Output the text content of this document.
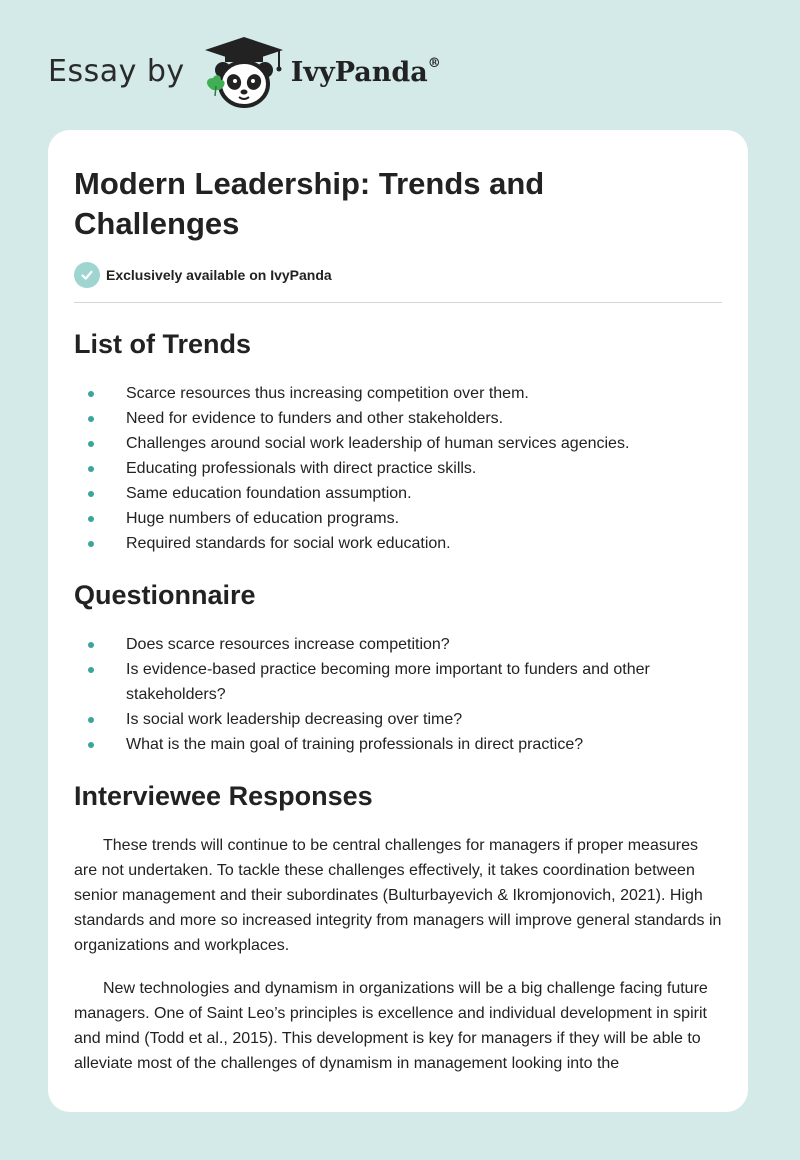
Essay by	IvyPanda®
Modern Leadership: Trends and Challenges
Exclusively available on IvyPanda
List of Trends
Scarce resources thus increasing competition over them.
Need for evidence to funders and other stakeholders.
Challenges around social work leadership of human services agencies.
Educating professionals with direct practice skills.
Same education foundation assumption.
Huge numbers of education programs.
Required standards for social work education.
Questionnaire
Does scarce resources increase competition?
Is evidence-based practice becoming more important to funders and other stakeholders?
Is social work leadership decreasing over time?
What is the main goal of training professionals in direct practice?
Interviewee Responses

These trends will continue to be central challenges for managers if proper measures are not undertaken. To tackle these challenges effectively, it takes coordination between senior management and their subordinates (Bulturbayevich & Ikromjonovich, 2021). High standards and more so increased integrity from managers will improve general standards in organizations and workplaces.

New technologies and dynamism in organizations will be a big challenge facing future managers. One of Saint Leo’s principles is excellence and individual development in spirit and mind (Todd et al., 2015). This development is key for managers if they will be able to alleviate most of the challenges of dynamism in management looking into the
